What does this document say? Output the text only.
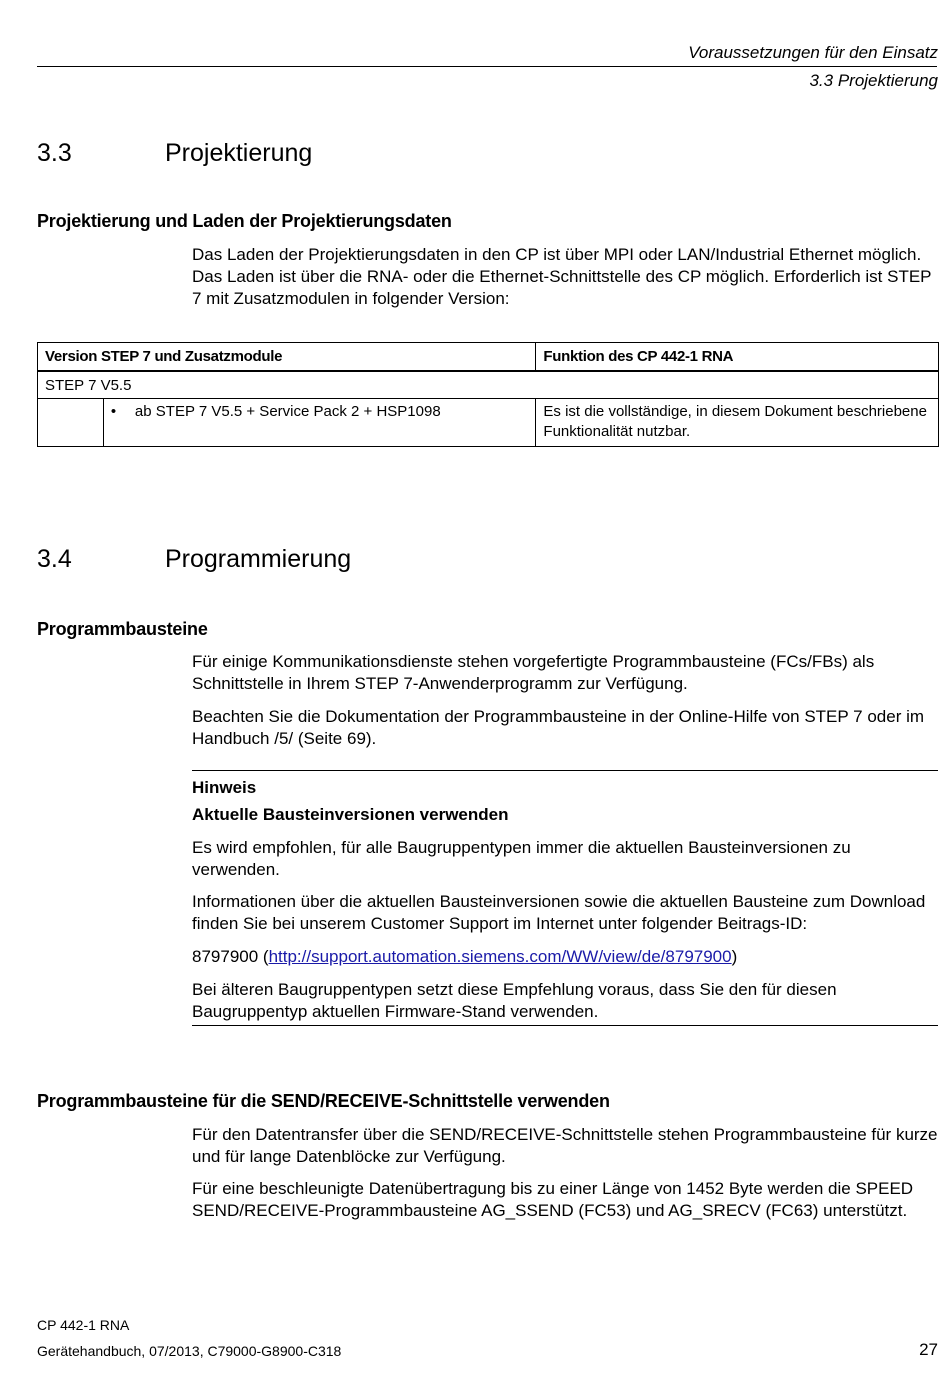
Voraussetzungen für den Einsatz
3.3 Projektierung
3.3	Projektierung
Projektierung und Laden der Projektierungsdaten

Das Laden der Projektierungsdaten in den CP ist über MPI oder LAN/Industrial Ethernet möglich. Das Laden ist über die RNA- oder die Ethernet-Schnittstelle des CP möglich. Erforderlich ist STEP 7 mit Zusatzmodulen in folgender Version:

Version STEP 7 und Zusatzmodule		Funktion des CP 442-1 RNA
STEP 7 V5.5		
	• ab STEP 7 V5.5 + Service Pack 2 + HSP1098	Es ist die vollständige, in diesem Dokument beschriebene Funktionalität nutzbar.
3.4	Programmierung
Programmbausteine

Für einige Kommunikationsdienste stehen vorgefertigte Programmbausteine (FCs/FBs) als Schnittstelle in Ihrem STEP 7-Anwenderprogramm zur Verfügung.

Beachten Sie die Dokumentation der Programmbausteine in der Online-Hilfe von STEP 7 oder im Handbuch /5/ (Seite 69).

Hinweis
Aktuelle Bausteinversionen verwenden

Es wird empfohlen, für alle Baugruppentypen immer die aktuellen Bausteinversionen zu verwenden.

Informationen über die aktuellen Bausteinversionen sowie die aktuellen Bausteine zum Download finden Sie bei unserem Customer Support im Internet unter folgender Beitrags-ID:

8797900 (http://support.automation.siemens.com/WW/view/de/8797900)

Bei älteren Baugruppentypen setzt diese Empfehlung voraus, dass Sie den für diesen Baugruppentyp aktuellen Firmware-Stand verwenden.

Programmbausteine für die SEND/RECEIVE-Schnittstelle verwenden

Für den Datentransfer über die SEND/RECEIVE-Schnittstelle stehen Programmbausteine für kurze und für lange Datenblöcke zur Verfügung.

Für eine beschleunigte Datenübertragung bis zu einer Länge von 1452 Byte werden die SPEED SEND/RECEIVE-Programmbausteine AG_SSEND (FC53) und AG_SRECV (FC63) unterstützt.

CP 442-1 RNA
Gerätehandbuch, 07/2013, C79000-G8900-C318	27
